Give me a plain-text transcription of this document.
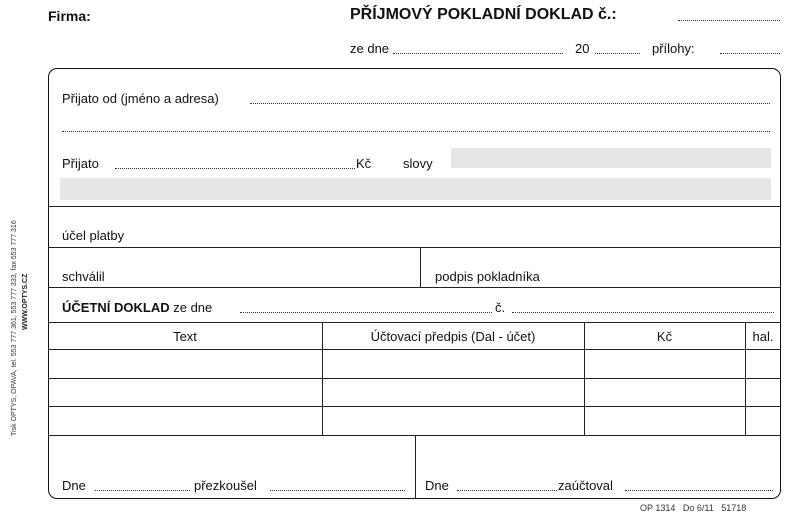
Firma:	PŘÍJMOVÝ POKLADNÍ DOKLAD č.:
ze dne	20	přílohy:
Tisk OPTYS, OPAVA, tel. 553 777 361, 553 777 333, fax 553 777 316 WWW.OPTYS.CZ
Přijato od (jméno a adresa)
Přijato	Kč slovy
účel platby
schválil	podpis pokladníka
ÚČETNÍ DOKLAD ze dne	č.
Text	Účtovací předpis (Dal - účet)	Kč	hal.
Dne	přezkoušel	Dne	zaúčtoval
OP 1314   Do 6/11   51718
